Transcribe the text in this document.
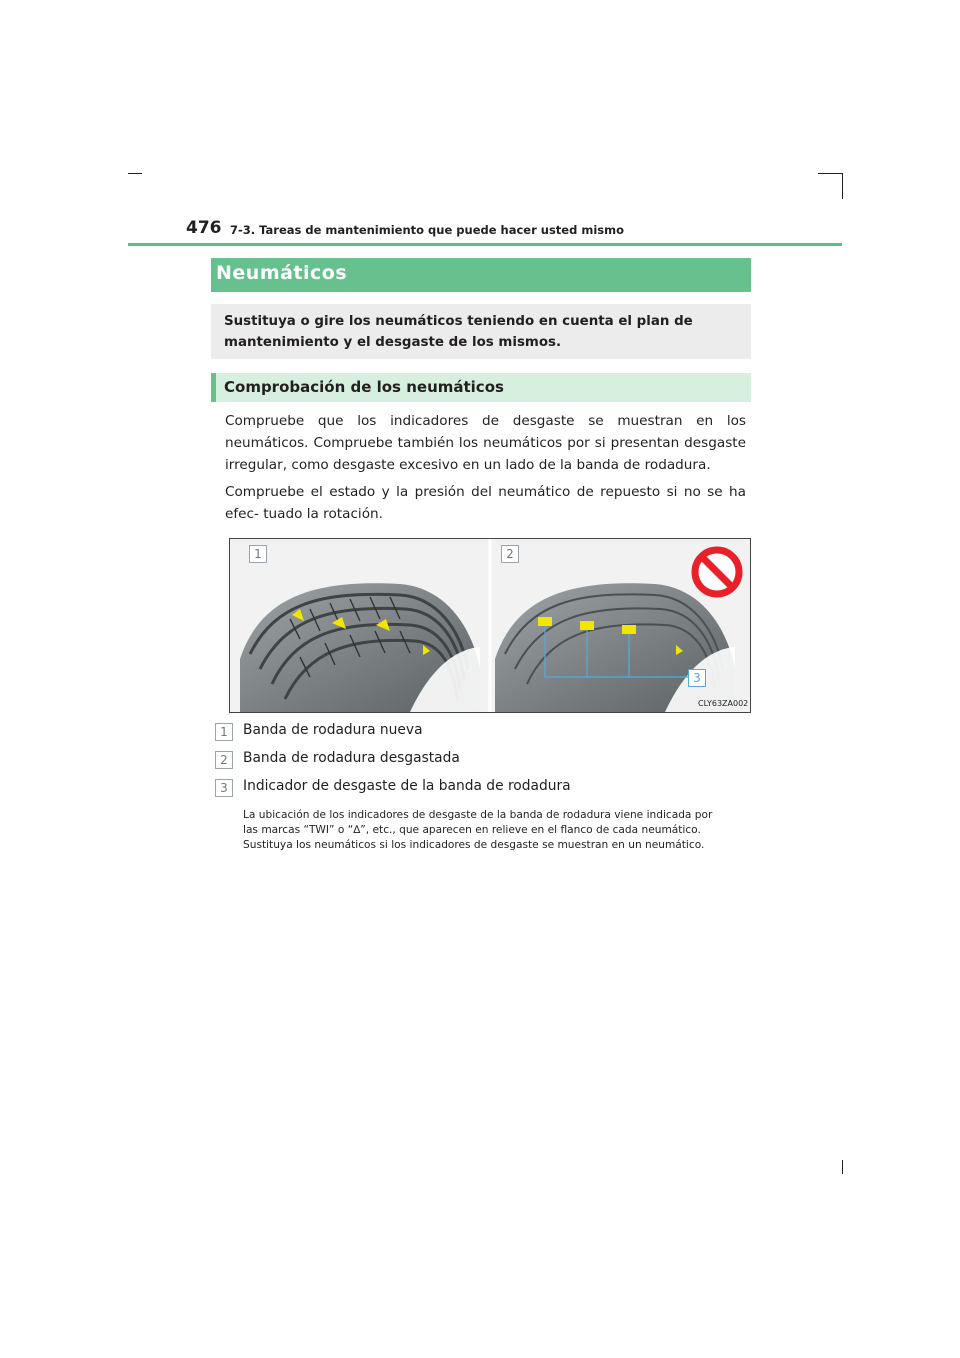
476 7-3. Tareas de mantenimiento que puede hacer usted mismo
Neumáticos
Sustituya o gire los neumáticos teniendo en cuenta el plan de mantenimiento y el desgaste de los mismos.
Comprobación de los neumáticos
Compruebe que los indicadores de desgaste se muestran en los neumáticos. Compruebe también los neumáticos por si presentan desgaste irregular, como desgaste excesivo en un lado de la banda de rodadura.
Compruebe el estado y la presión del neumático de repuesto si no se ha efec- tuado la rotación.
1	2
3
CLY63ZA002
1	Banda de rodadura nueva
2	Banda de rodadura desgastada
3	Indicador de desgaste de la banda de rodadura
La ubicación de los indicadores de desgaste de la banda de rodadura viene indicada por
las marcas “TWI” o “∆”, etc., que aparecen en relieve en el flanco de cada neumático.
Sustituya los neumáticos si los indicadores de desgaste se muestran en un neumático.
